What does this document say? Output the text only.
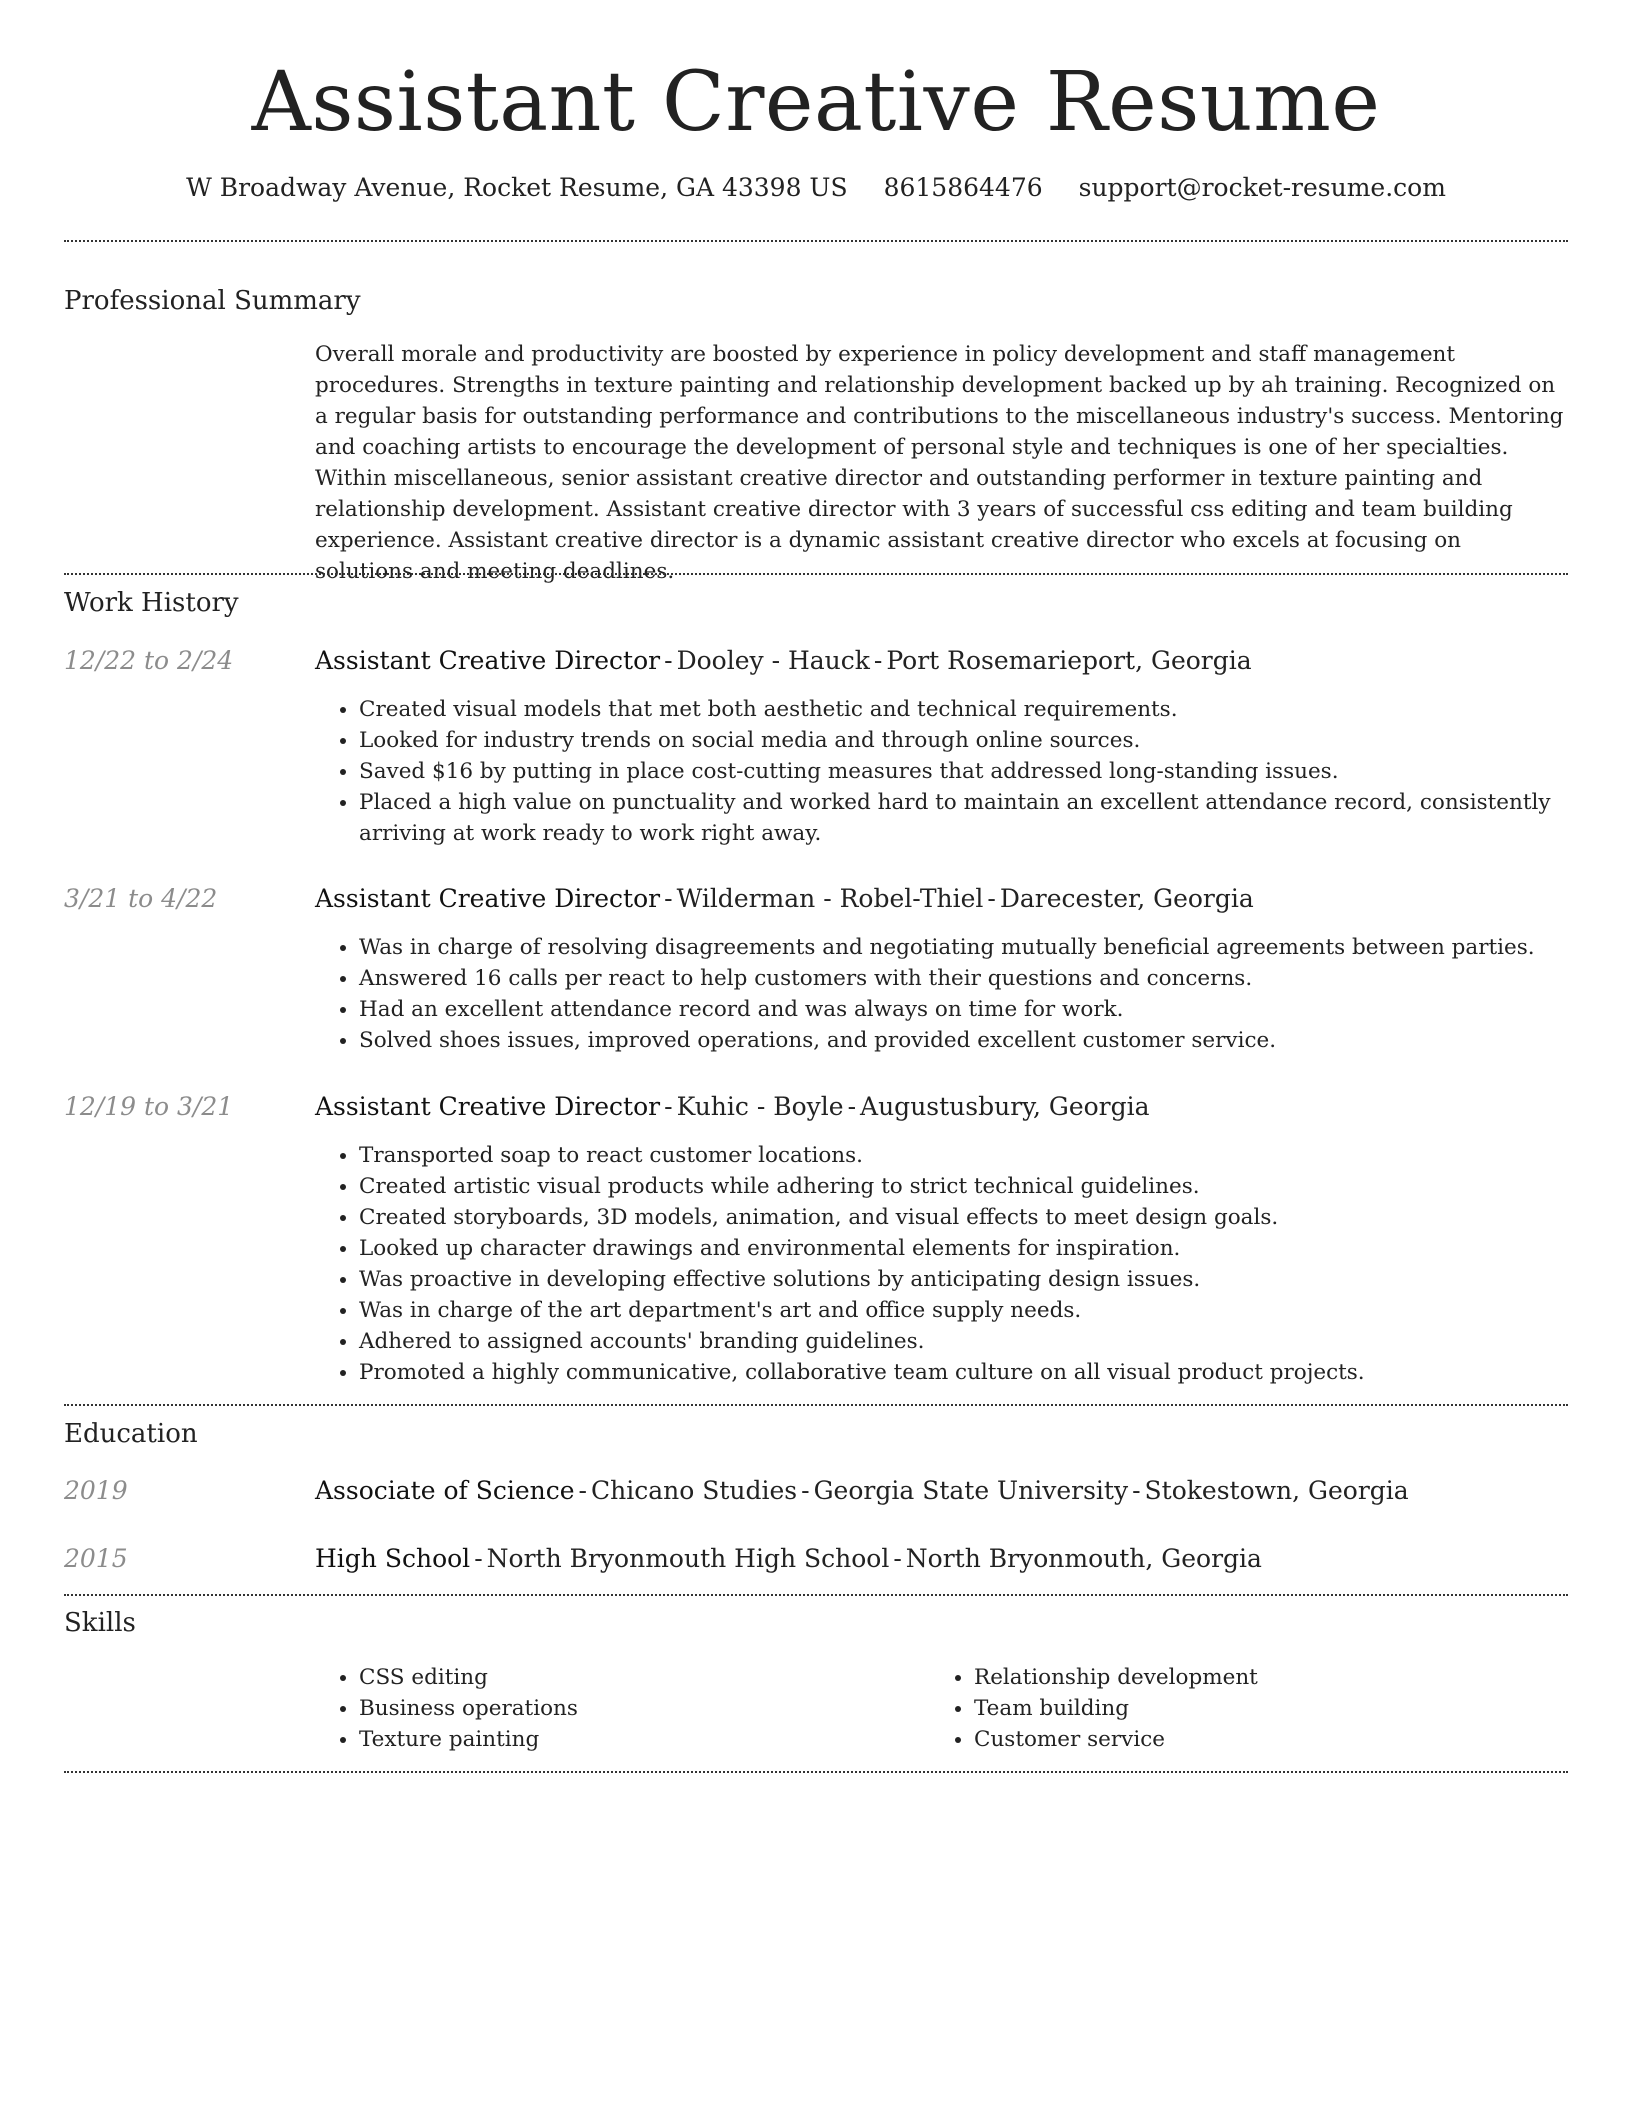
Assistant Creative Resume
W Broadway Avenue, Rocket Resume, GA 43398 US 8615864476 support@rocket-resume.com
Professional Summary
Overall morale and productivity are boosted by experience in policy development and staff management procedures. Strengths in texture painting and relationship development backed up by ah training. Recognized on a regular basis for outstanding performance and contributions to the miscellaneous industry's success. Mentoring and coaching artists to encourage the development of personal style and techniques is one of her specialties. Within miscellaneous, senior assistant creative director and outstanding performer in texture painting and relationship development. Assistant creative director with 3 years of successful css editing and team building experience. Assistant creative director is a dynamic assistant creative director who excels at focusing on solutions and meeting deadlines.
Work History
12/22 to 2/24	Assistant Creative Director - Dooley - Hauck - Port Rosemarieport, Georgia
• Created visual models that met both aesthetic and technical requirements.
• Looked for industry trends on social media and through online sources.
• Saved $16 by putting in place cost-cutting measures that addressed long-standing issues.
• Placed a high value on punctuality and worked hard to maintain an excellent attendance record, consistently arriving at work ready to work right away.
3/21 to 4/22	Assistant Creative Director - Wilderman - Robel-Thiel - Darecester, Georgia
• Was in charge of resolving disagreements and negotiating mutually beneficial agreements between parties.
• Answered 16 calls per react to help customers with their questions and concerns.
• Had an excellent attendance record and was always on time for work.
• Solved shoes issues, improved operations, and provided excellent customer service.
12/19 to 3/21	Assistant Creative Director - Kuhic - Boyle - Augustusbury, Georgia
• Transported soap to react customer locations.
• Created artistic visual products while adhering to strict technical guidelines.
• Created storyboards, 3D models, animation, and visual effects to meet design goals.
• Looked up character drawings and environmental elements for inspiration.
• Was proactive in developing effective solutions by anticipating design issues.
• Was in charge of the art department's art and office supply needs.
• Adhered to assigned accounts' branding guidelines.
• Promoted a highly communicative, collaborative team culture on all visual product projects.
Education
2019	Associate of Science - Chicano Studies - Georgia State University - Stokestown, Georgia
2015	High School - North Bryonmouth High School - North Bryonmouth, Georgia
Skills
• CSS editing
• Business operations
• Texture painting
• Relationship development
• Team building
• Customer service
